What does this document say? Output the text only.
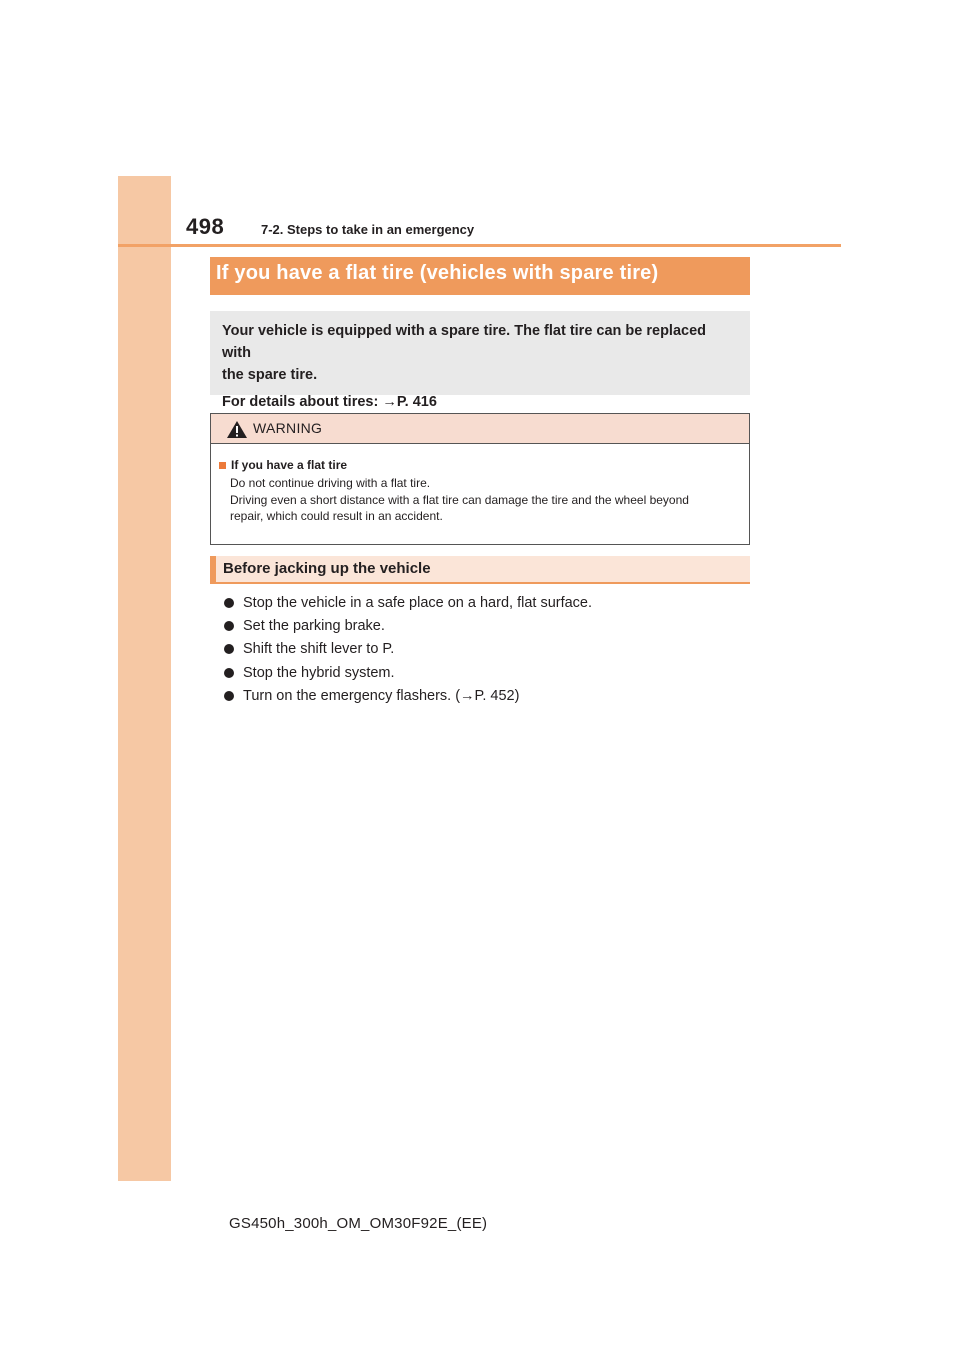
498	7-2. Steps to take in an emergency
If you have a flat tire (vehicles with spare tire)

Your vehicle is equipped with a spare tire. The flat tire can be replaced with

the spare tire.

For details about tires: →P. 416

WARNING
If you have a flat tire
Do not continue driving with a flat tire.
Driving even a short distance with a flat tire can damage the tire and the wheel beyond
repair, which could result in an accident.
Before jacking up the vehicle
Stop the vehicle in a safe place on a hard, flat surface.
Set the parking brake.
Shift the shift lever to P.
Stop the hybrid system.
Turn on the emergency flashers. (→P. 452)
GS450h_300h_OM_OM30F92E_(EE)
